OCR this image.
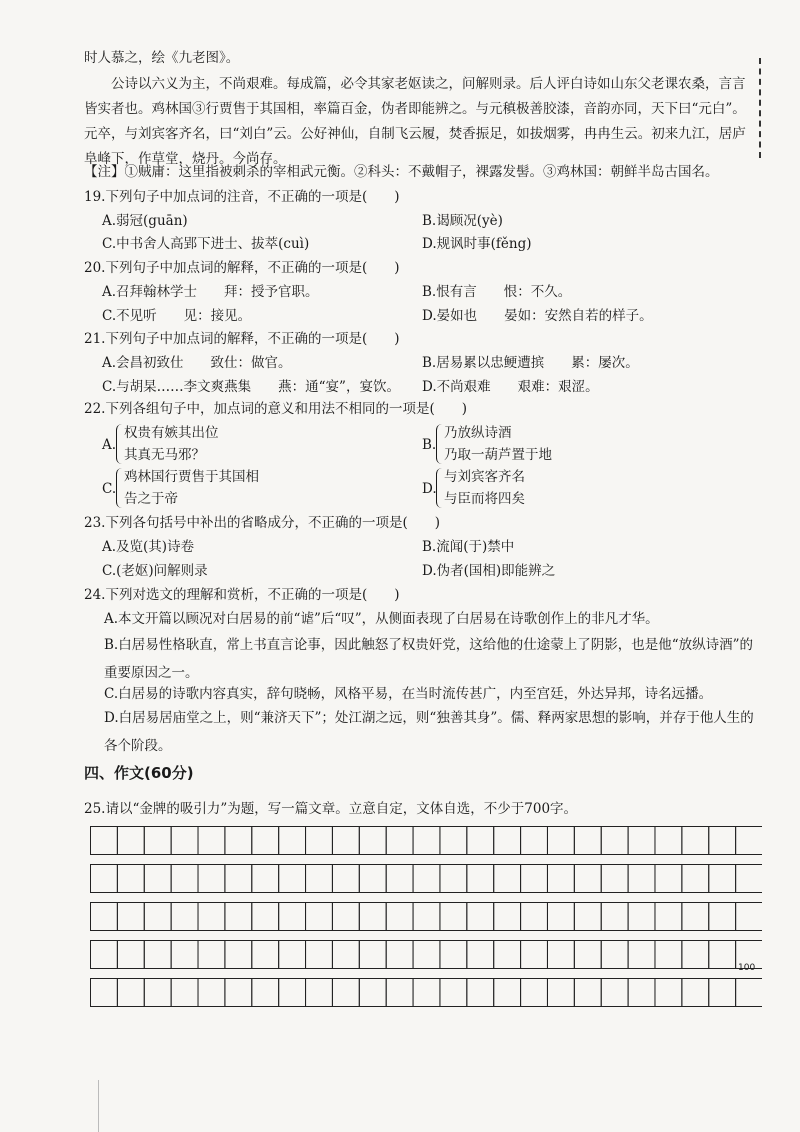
时人慕之，绘《九老图》。

公诗以六义为主，不尚艰难。每成篇，必令其家老妪读之，问解则录。后人评白诗如山东父老课农桑，言言皆实者也。鸡林国③行贾售于其国相，率篇百金，伪者即能辨之。与元稹极善胶漆，音韵亦同，天下曰“元白”。元卒，与刘宾客齐名，曰“刘白”云。公好神仙，自制飞云履，焚香振足，如拔烟雾，冉冉生云。初来九江，居庐阜峰下，作草堂，烧丹。今尚存。

【注】①贼庸：这里指被刺杀的宰相武元衡。②科头：不戴帽子，裸露发髻。③鸡林国：朝鲜半岛古国名。

19.下列句子中加点词的注音，不正确的一项是(　　)
A.弱冠(guān)	B.谒顾况(yè)
C.中书舍人高郢下进士、拔萃(cuì)	D.规讽时事(fěng)
20.下列句子中加点词的解释，不正确的一项是(　　)
A.召拜翰林学士　　拜：授予官职。	B.恨有言　　恨：不久。
C.不见听　　见：接见。	D.晏如也　　晏如：安然自若的样子。
21.下列句子中加点词的解释，不正确的一项是(　　)
A.会昌初致仕　　致仕：做官。	B.居易累以忠鲠遭摈　　累：屡次。
C.与胡杲……李文爽燕集　　燕：通“宴”，宴饮。 D.不尚艰难　　艰难：艰涩。
22.下列各组句子中，加点词的意义和用法不相同的一项是(　　)
A.
权贵有嫉其出位
其真无马邪？
B.
乃放纵诗酒
乃取一葫芦置于地
C.
鸡林国行贾售于其国相
告之于帝
D.
与刘宾客齐名
与臣而将四矣
23.下列各句括号中补出的省略成分，不正确的一项是(　　)
A.及览(其)诗卷	B.流闻(于)禁中
C.(老妪)问解则录	D.伪者(国相)即能辨之
24.下列对选文的理解和赏析，不正确的一项是(　　)
A.本文开篇以顾况对白居易的前“谑”后“叹”，从侧面表现了白居易在诗歌创作上的非凡才华。
B.白居易性格耿直，常上书直言论事，因此触怒了权贵奸党，这给他的仕途蒙上了阴影，也是他“放纵诗酒”的重要原因之一。
C.白居易的诗歌内容真实，辞句晓畅，风格平易，在当时流传甚广，内至宫廷，外达异邦，诗名远播。
D.白居易居庙堂之上，则“兼济天下”；处江湖之远，则“独善其身”。儒、释两家思想的影响，并存于他人生的各个阶段。
四、作文(60分)
25.请以“金牌的吸引力”为题，写一篇文章。立意自定，文体自选，不少于700字。
100
